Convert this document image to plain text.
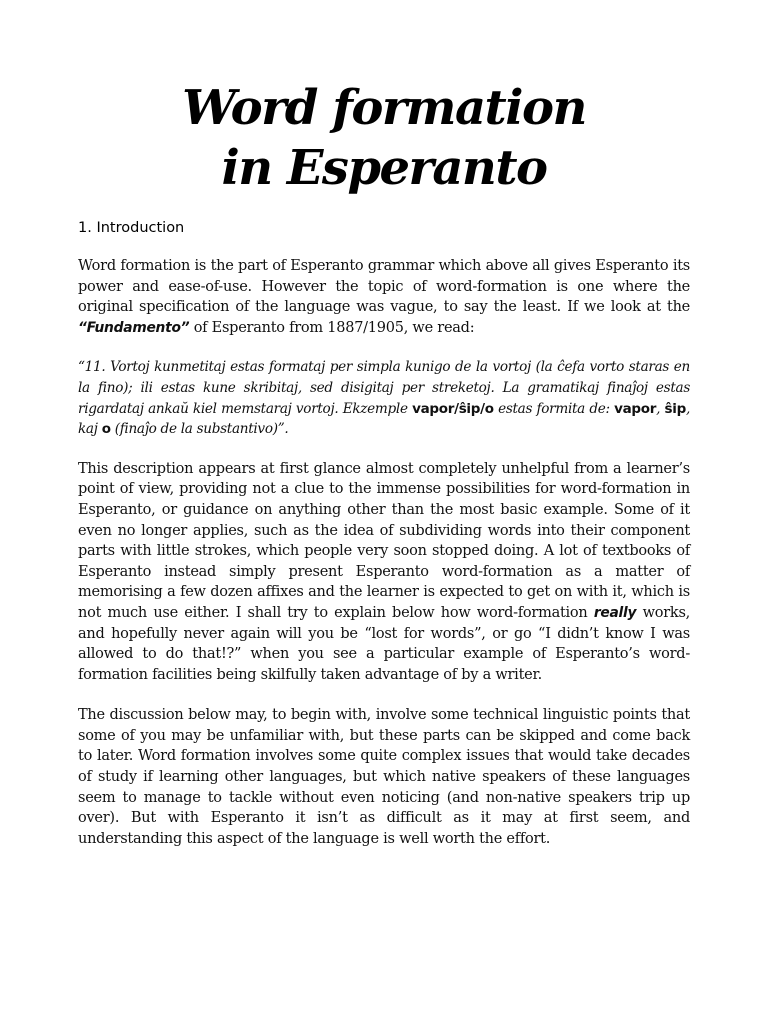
Word formation
in Esperanto
1. Introduction

Word formation is the part of Esperanto grammar which above all gives Esperanto its power and ease-of-use. However the topic of word-formation is one where the original specification of the language was vague, to say the least. If we look at the “Fundamento” of Esperanto from 1887/1905, we read:

“11. Vortoj kunmetitaj estas formataj per simpla kunigo de la vortoj (la ĉefa vorto staras en la fino); ili estas kune skribitaj, sed disigitaj per streketoj. La gramatikaj finaĵoj estas rigardataj ankaŭ kiel memstaraj vortoj. Ekzemple vapor/ŝip/o estas formita de: vapor, ŝip, kaj o (finaĵo de la substantivo)”.

This description appears at first glance almost completely unhelpful from a learner’s point of view, providing not a clue to the immense possibilities for word-formation in Esperanto, or guidance on anything other than the most basic example. Some of it even no longer applies, such as the idea of subdividing words into their component parts with little strokes, which people very soon stopped doing. A lot of textbooks of Esperanto instead simply present Esperanto word-formation as a matter of memorising a few dozen affixes and the learner is expected to get on with it, which is not much use either. I shall try to explain below how word-formation really works, and hopefully never again will you be “lost for words”, or go “I didn’t know I was allowed to do that!?” when you see a particular example of Esperanto’s word-formation facilities being skilfully taken advantage of by a writer.

The discussion below may, to begin with, involve some technical linguistic points that some of you may be unfamiliar with, but these parts can be skipped and come back to later. Word formation involves some quite complex issues that would take decades of study if learning other languages, but which native speakers of these languages seem to manage to tackle without even noticing (and non-native speakers trip up over). But with Esperanto it isn’t as difficult as it may at first seem, and understanding this aspect of the language is well worth the effort.
